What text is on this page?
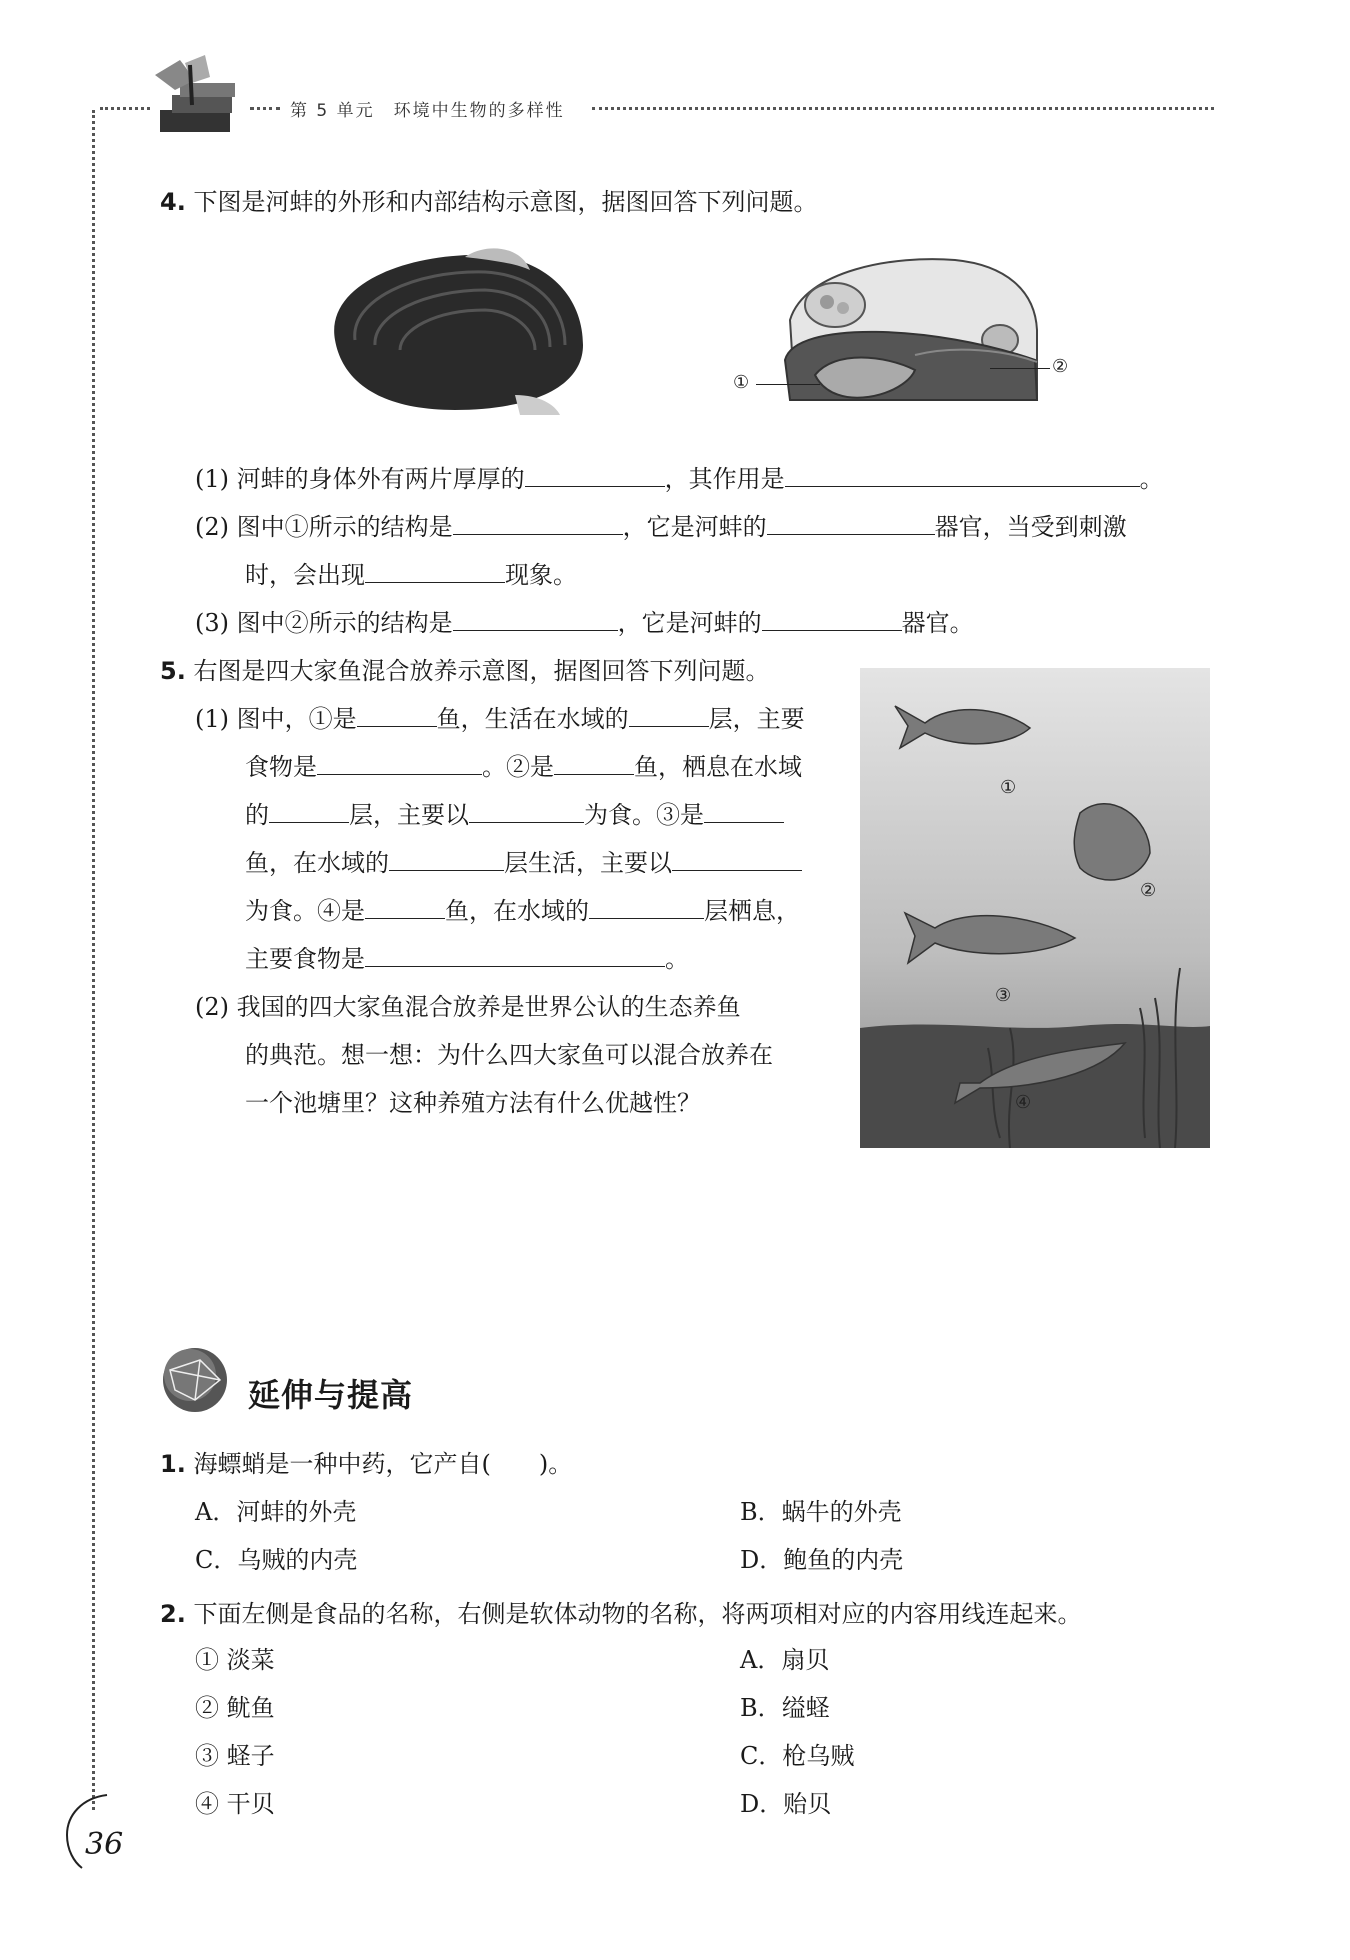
第 5 单元　环境中生物的多样性
4. 下图是河蚌的外形和内部结构示意图，据图回答下列问题。
①
②
(1) 河蚌的身体外有两片厚厚的	，其作用是	。
(2) 图中①所示的结构是	，它是河蚌的	器官，当受到刺激
时，会出现	现象。
(3) 图中②所示的结构是	，它是河蚌的	器官。
5. 右图是四大家鱼混合放养示意图，据图回答下列问题。
(1) 图中，①是	鱼，生活在水域的	层，主要
食物是	。②是	鱼，栖息在水域
的	层，主要以	为食。③是
鱼，在水域的	层生活，主要以
为食。④是	鱼，在水域的	层栖息，
主要食物是	。
(2) 我国的四大家鱼混合放养是世界公认的生态养鱼
的典范。想一想：为什么四大家鱼可以混合放养在
一个池塘里？这种养殖方法有什么优越性？
①
②
③
④
延伸与提高
1. 海螵蛸是一种中药，它产自(　　)。
A．河蚌的外壳	B．蜗牛的外壳
C．乌贼的内壳	D．鲍鱼的内壳
2. 下面左侧是食品的名称，右侧是软体动物的名称，将两项相对应的内容用线连起来。
① 淡菜	A．扇贝
② 鱿鱼	B．缢蛏
③ 蛏子	C．枪乌贼
④ 干贝	D．贻贝
36
